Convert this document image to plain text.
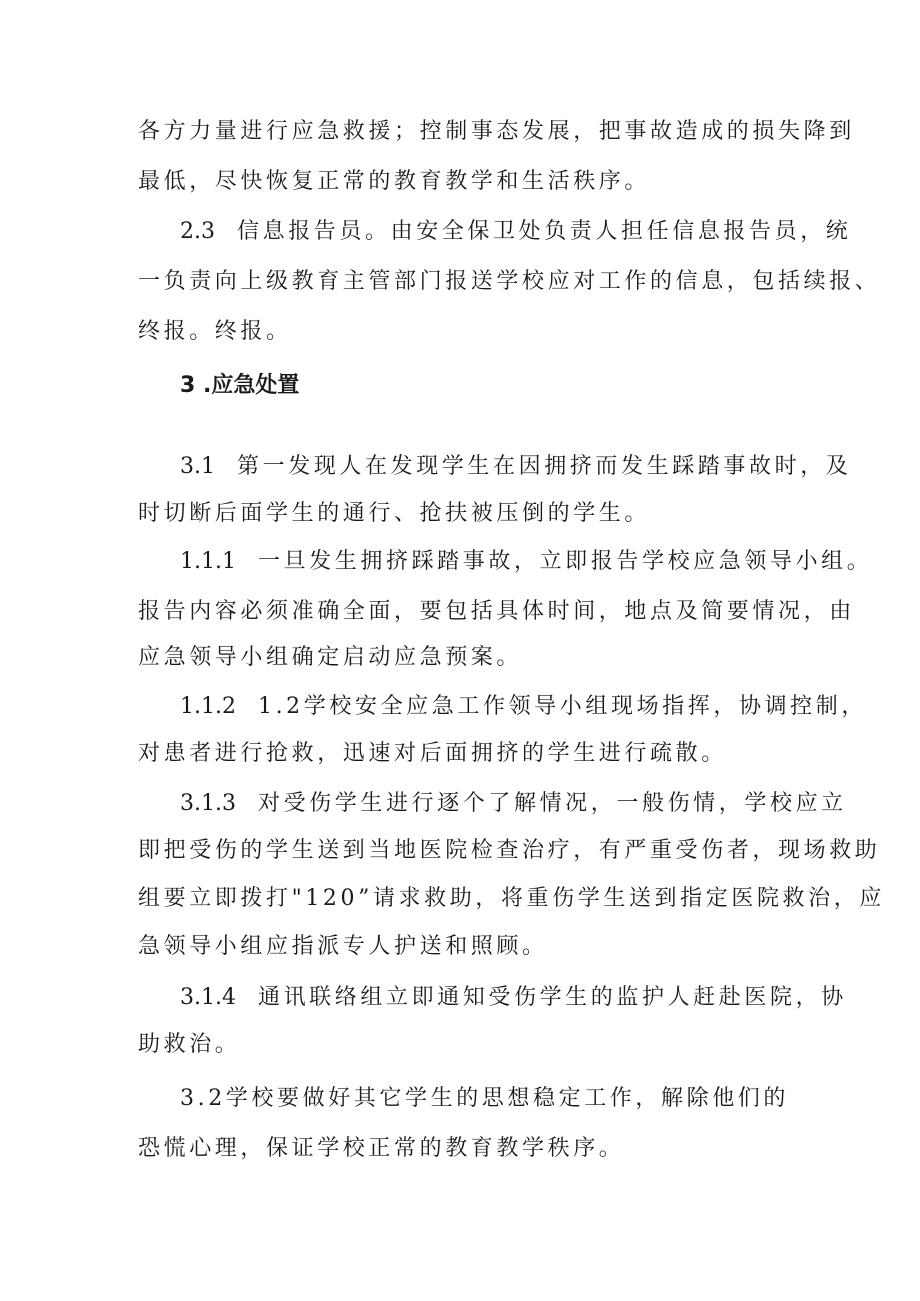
各方力量进行应急救援；控制事态发展，把事故造成的损失降到
最低，尽快恢复正常的教育教学和生活秩序。
2.3 信息报告员。由安全保卫处负责人担任信息报告员，统
一负责向上级教育主管部门报送学校应对工作的信息，包括续报、
终报。终报。
3 .应急处置
3.1 第一发现人在发现学生在因拥挤而发生踩踏事故时，及
时切断后面学生的通行、抢扶被压倒的学生。
1.1.1 一旦发生拥挤踩踏事故，立即报告学校应急领导小组。
报告内容必须准确全面，要包括具体时间，地点及简要情况，由
应急领导小组确定启动应急预案。
1.1.2 1.2学校安全应急工作领导小组现场指挥，协调控制，
对患者进行抢救，迅速对后面拥挤的学生进行疏散。
3.1.3 对受伤学生进行逐个了解情况，一般伤情，学校应立
即把受伤的学生送到当地医院检查治疗，有严重受伤者，现场救助
组要立即拨打"120”请求救助，将重伤学生送到指定医院救治，应
急领导小组应指派专人护送和照顾。
3.1.4 通讯联络组立即通知受伤学生的监护人赶赴医院，协
助救治。
3.2学校要做好其它学生的思想稳定工作，解除他们的
恐慌心理，保证学校正常的教育教学秩序。
